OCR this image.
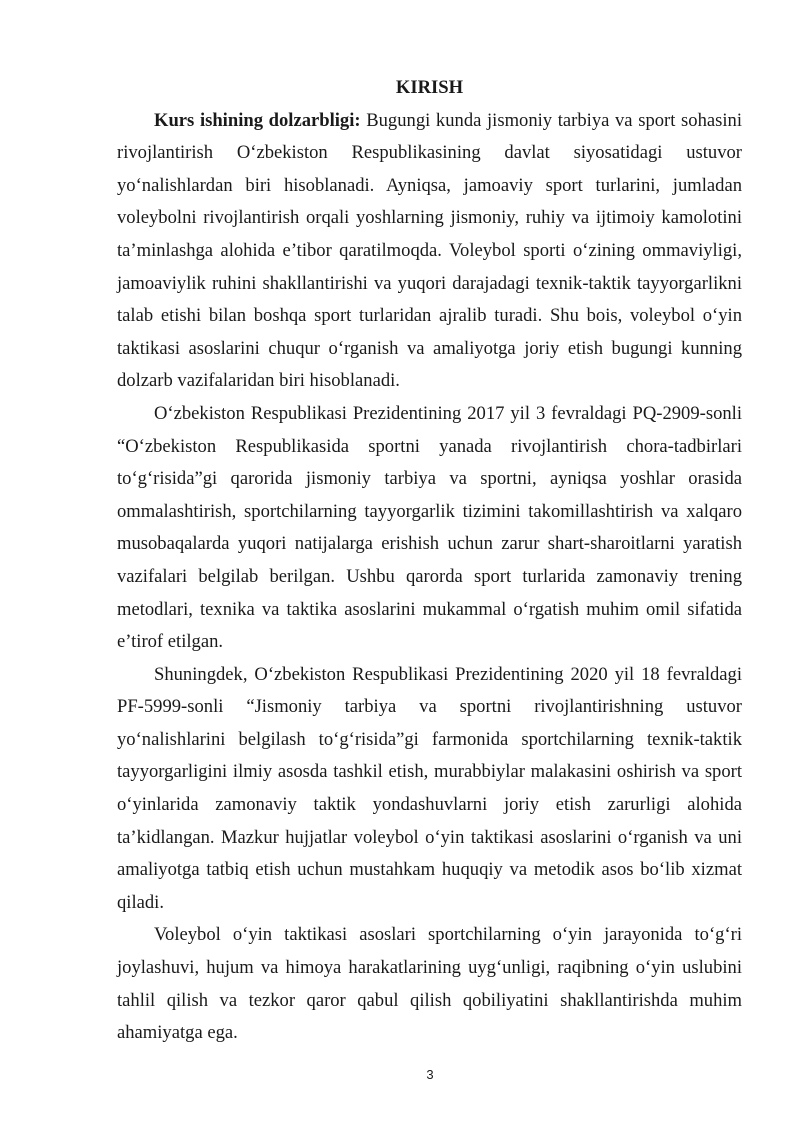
KIRISH

Kurs ishining dolzarbligi: Bugungi kunda jismoniy tarbiya va sport sohasini rivojlantirish O‘zbekiston Respublikasining davlat siyosatidagi ustuvor yo‘nalishlardan biri hisoblanadi. Ayniqsa, jamoaviy sport turlarini, jumladan voleybolni rivojlantirish orqali yoshlarning jismoniy, ruhiy va ijtimoiy kamolotini ta’minlashga alohida e’tibor qaratilmoqda. Voleybol sporti o‘zining ommaviyligi, jamoaviylik ruhini shakllantirishi va yuqori darajadagi texnik-taktik tayyorgarlikni talab etishi bilan boshqa sport turlaridan ajralib turadi. Shu bois, voleybol o‘yin taktikasi asoslarini chuqur o‘rganish va amaliyotga joriy etish bugungi kunning dolzarb vazifalaridan biri hisoblanadi.

O‘zbekiston Respublikasi Prezidentining 2017 yil 3 fevraldagi PQ-2909-sonli “O‘zbekiston Respublikasida sportni yanada rivojlantirish chora-tadbirlari to‘g‘risida”gi qarorida jismoniy tarbiya va sportni, ayniqsa yoshlar orasida ommalashtirish, sportchilarning tayyorgarlik tizimini takomillashtirish va xalqaro musobaqalarda yuqori natijalarga erishish uchun zarur shart-sharoitlarni yaratish vazifalari belgilab berilgan. Ushbu qarorda sport turlarida zamonaviy trening metodlari, texnika va taktika asoslarini mukammal o‘rgatish muhim omil sifatida e’tirof etilgan.

Shuningdek, O‘zbekiston Respublikasi Prezidentining 2020 yil 18 fevraldagi PF-5999-sonli “Jismoniy tarbiya va sportni rivojlantirishning ustuvor yo‘nalishlarini belgilash to‘g‘risida”gi farmonida sportchilarning texnik-taktik tayyorgarligini ilmiy asosda tashkil etish, murabbiylar malakasini oshirish va sport o‘yinlarida zamonaviy taktik yondashuvlarni joriy etish zarurligi alohida ta’kidlangan. Mazkur hujjatlar voleybol o‘yin taktikasi asoslarini o‘rganish va uni amaliyotga tatbiq etish uchun mustahkam huquqiy va metodik asos bo‘lib xizmat qiladi.

Voleybol o‘yin taktikasi asoslari sportchilarning o‘yin jarayonida to‘g‘ri joylashuvi, hujum va himoya harakatlarining uyg‘unligi, raqibning o‘yin uslubini tahlil qilish va tezkor qaror qabul qilish qobiliyatini shakllantirishda muhim ahamiyatga ega.

3
